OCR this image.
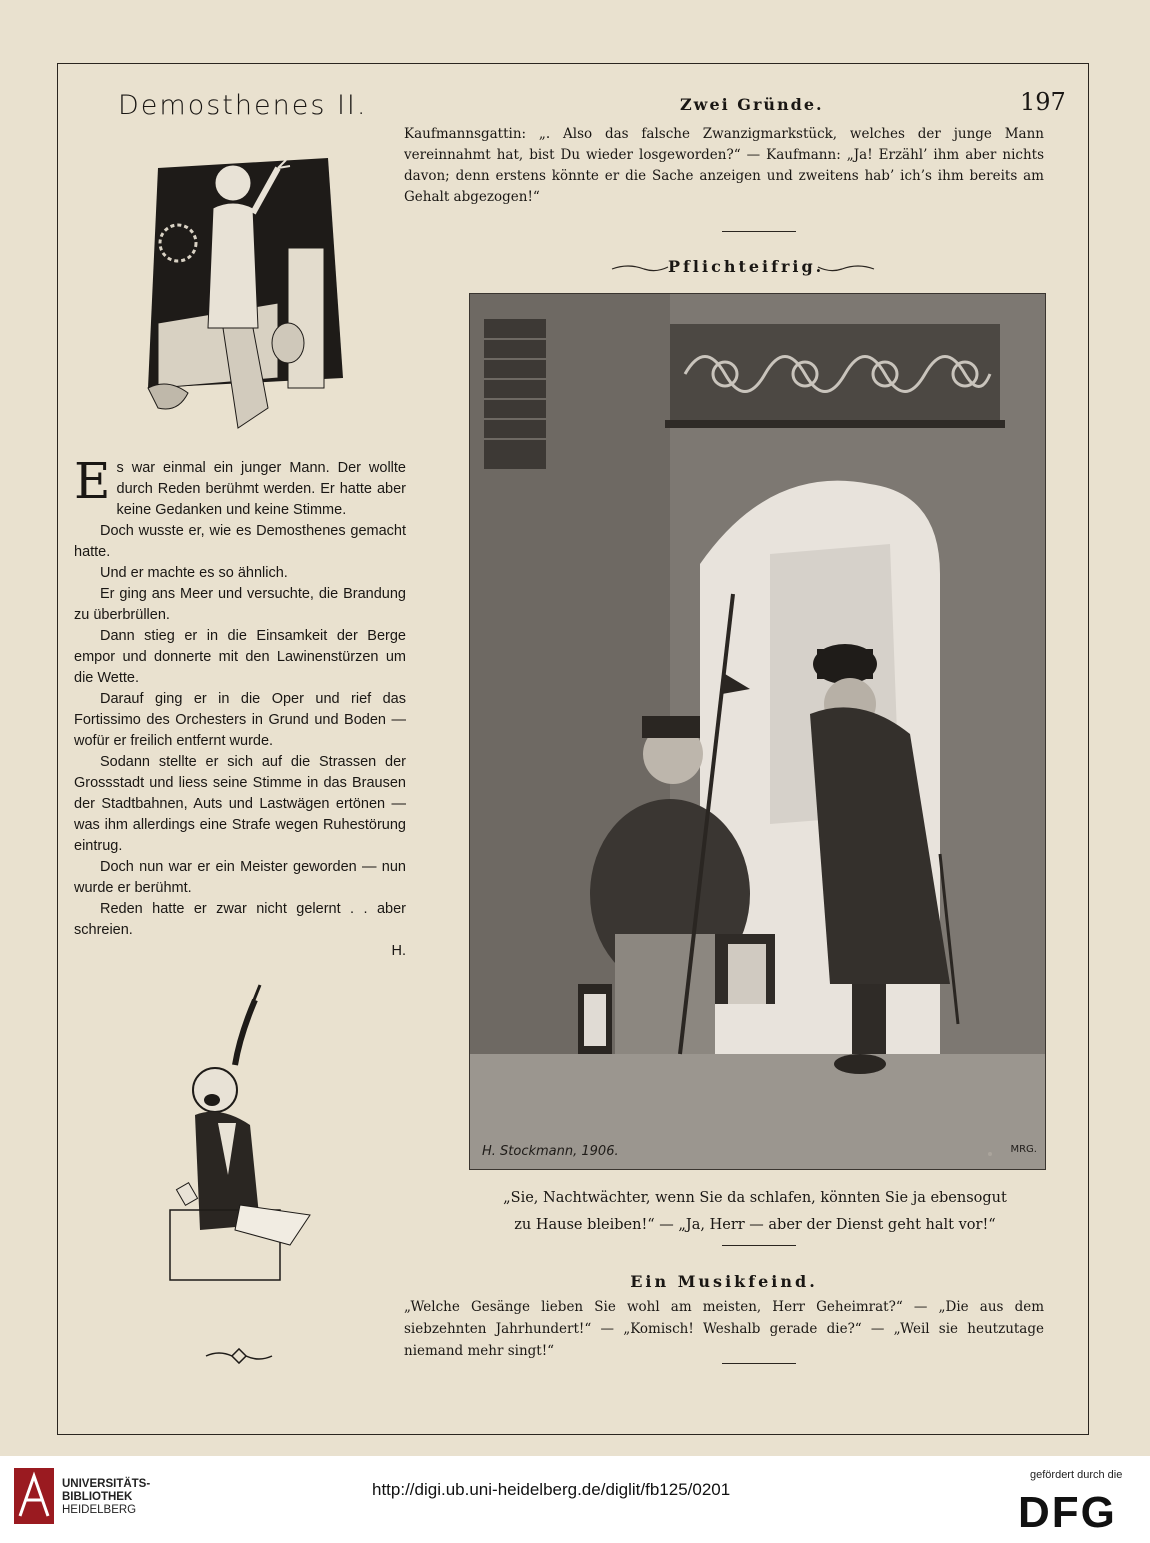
Demosthenes II.	Zwei Gründe.	197
Kaufmannsgattin: „. Also das falsche Zwanzigmarkstück, welches der junge Mann vereinnahmt hat, bist Du wieder losgeworden?“ — Kaufmann: „Ja! Erzähl’ ihm aber nichts davon; denn erstens könnte er die Sache anzeigen und zweitens hab’ ich’s ihm bereits am Gehalt abgezogen!“
Pflichteifrig.
H. Stockmann, 1906.	MRG.
„Sie, Nachtwächter, wenn Sie da schlafen, könnten Sie ja ebensogut
zu Hause bleiben!“ — „Ja, Herr — aber der Dienst geht halt vor!“
Ein Musikfeind.
„Welche Gesänge lieben Sie wohl am meisten, Herr Geheimrat?“ — „Die aus dem siebzehnten Jahrhundert!“ — „Komisch! Weshalb gerade die?“ — „Weil sie heutzutage niemand mehr singt!“

Es war einmal ein junger Mann. Der wollte durch Reden berühmt werden. Er hatte aber keine Gedanken und keine Stimme.

Doch wusste er, wie es Demosthenes gemacht hatte.

Und er machte es so ähnlich.

Er ging ans Meer und versuchte, die Brandung zu überbrüllen.

Dann stieg er in die Einsamkeit der Berge empor und donnerte mit den Lawinenstürzen um die Wette.

Darauf ging er in die Oper und rief das Fortissimo des Orchesters in Grund und Boden — wofür er freilich entfernt wurde.

Sodann stellte er sich auf die Strassen der Grossstadt und liess seine Stimme in das Brausen der Stadtbahnen, Auts und Lastwägen ertönen — was ihm allerdings eine Strafe wegen Ruhestörung eintrug.

Doch nun war er ein Meister geworden — nun wurde er berühmt.

Reden hatte er zwar nicht gelernt . . aber schreien.

H.
UNIVERSITÄTS-
BIBLIOTHEK
HEIDELBERG
http://digi.ub.uni-heidelberg.de/diglit/fb125/0201
gefördert durch die
DFG
